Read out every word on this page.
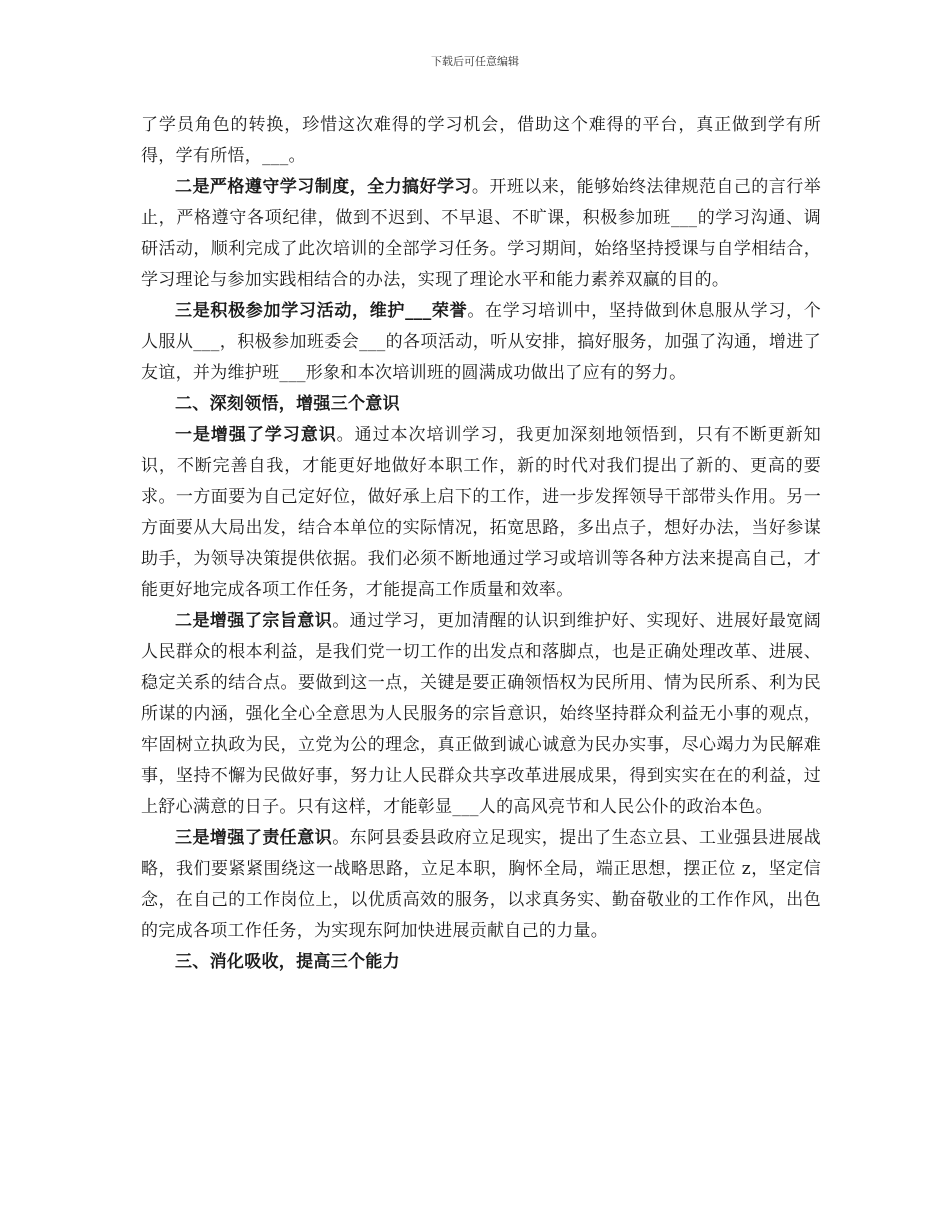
下载后可任意编辑

了学员角色的转换，珍惜这次难得的学习机会，借助这个难得的平台，真正做到学有所得，学有所悟，___。

二是严格遵守学习制度，全力搞好学习。开班以来，能够始终法律规范自己的言行举止，严格遵守各项纪律，做到不迟到、不早退、不旷课，积极参加班___的学习沟通、调研活动，顺利完成了此次培训的全部学习任务。学习期间，始络坚持授课与自学相结合，学习理论与参加实践相结合的办法，实现了理论水平和能力素养双赢的目的。

三是积极参加学习活动，维护___荣誉。在学习培训中，坚持做到休息服从学习，个人服从___，积极参加班委会___的各项活动，听从安排，搞好服务，加强了沟通，增进了友谊，并为维护班___形象和本次培训班的圆满成功做出了应有的努力。

二、深刻领悟，增强三个意识

一是增强了学习意识。通过本次培训学习，我更加深刻地领悟到，只有不断更新知识，不断完善自我，才能更好地做好本职工作，新的时代对我们提出了新的、更高的要求。一方面要为自己定好位，做好承上启下的工作，进一步发挥领导干部带头作用。另一方面要从大局出发，结合本单位的实际情况，拓宽思路，多出点子，想好办法，当好参谋助手，为领导决策提供依据。我们必须不断地通过学习或培训等各种方法来提高自己，才能更好地完成各项工作任务，才能提高工作质量和效率。

二是增强了宗旨意识。通过学习，更加清醒的认识到维护好、实现好、进展好最宽阔人民群众的根本利益，是我们党一切工作的出发点和落脚点，也是正确处理改革、进展、稳定关系的结合点。要做到这一点，关键是要正确领悟权为民所用、情为民所系、利为民所谋的内涵，强化全心全意思为人民服务的宗旨意识，始终坚持群众利益无小事的观点，牢固树立执政为民，立党为公的理念，真正做到诚心诚意为民办实事，尽心竭力为民解难事，坚持不懈为民做好事，努力让人民群众共享改革进展成果，得到实实在在的利益，过上舒心满意的日子。只有这样，才能彰显___人的高风亮节和人民公仆的政治本色。

三是增强了责任意识。东阿县委县政府立足现实，提出了生态立县、工业强县进展战略，我们要紧紧围绕这一战略思路，立足本职，胸怀全局，端正思想，摆正位 z，坚定信念，在自己的工作岗位上，以优质高效的服务，以求真务实、勤奋敬业的工作作风，出色的完成各项工作任务，为实现东阿加快进展贡献自己的力量。

三、消化吸收，提高三个能力
